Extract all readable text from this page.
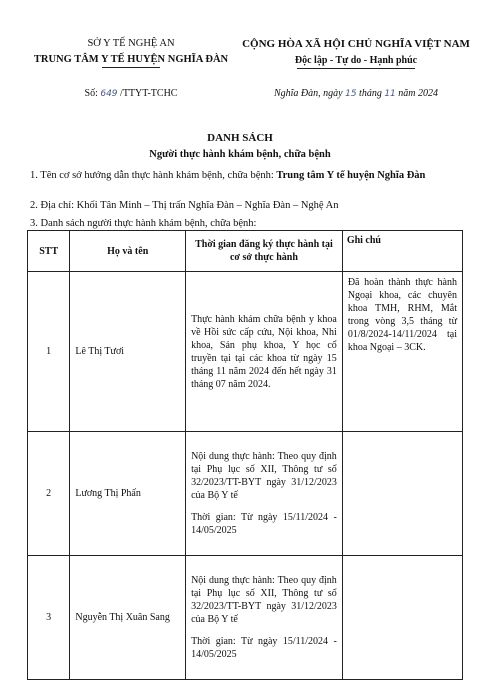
SỞ Y TẾ NGHỆ AN
TRUNG TÂM Y TẾ HUYỆN NGHĨA ĐÀN
CỘNG HÒA XÃ HỘI CHỦ NGHĨA VIỆT NAM
Độc lập - Tự do - Hạnh phúc
Số: 649 /TTYT-TCHC	Nghĩa Đàn, ngày 15 tháng 11 năm 2024
DANH SÁCH
Người thực hành khám bệnh, chữa bệnh
1. Tên cơ sở hướng dẫn thực hành khám bệnh, chữa bệnh: Trung tâm Y tế huyện Nghĩa Đàn
2. Địa chỉ: Khối Tân Minh – Thị trấn Nghĩa Đàn – Nghĩa Đàn – Nghệ An
3. Danh sách người thực hành khám bệnh, chữa bệnh:
STT	Họ và tên	Thời gian đăng ký thực hành tại cơ sở thực hành	Ghi chú
1	Lê Thị Tươi	Thực hành khám chữa bệnh y khoa về Hồi sức cấp cứu, Nội khoa, Nhi khoa, Sản phụ khoa, Y học cổ truyền tại tại các khoa từ ngày 15 tháng 11 năm 2024 đến hết ngày 31 tháng 07 năm 2024.	Đã hoàn thành thực hành Ngoại khoa, các chuyên khoa TMH, RHM, Mắt trong vòng 3,5 tháng từ 01/8/2024-14/11/2024 tại khoa Ngoại – 3CK.
2	Lương Thị Phấn	Nội dung thực hành: Theo quy định tại Phụ lục số XII, Thông tư số 32/2023/TT-BYT ngày 31/12/2023 của Bộ Y tế
Thời gian: Từ ngày 15/11/2024 - 14/05/2025	

3	Nguyễn Thị Xuân Sang	Nội dung thực hành: Theo quy định tại Phụ lục số XII, Thông tư số 32/2023/TT-BYT ngày 31/12/2023 của Bộ Y tế
Thời gian: Từ ngày 15/11/2024 - 14/05/2025	
